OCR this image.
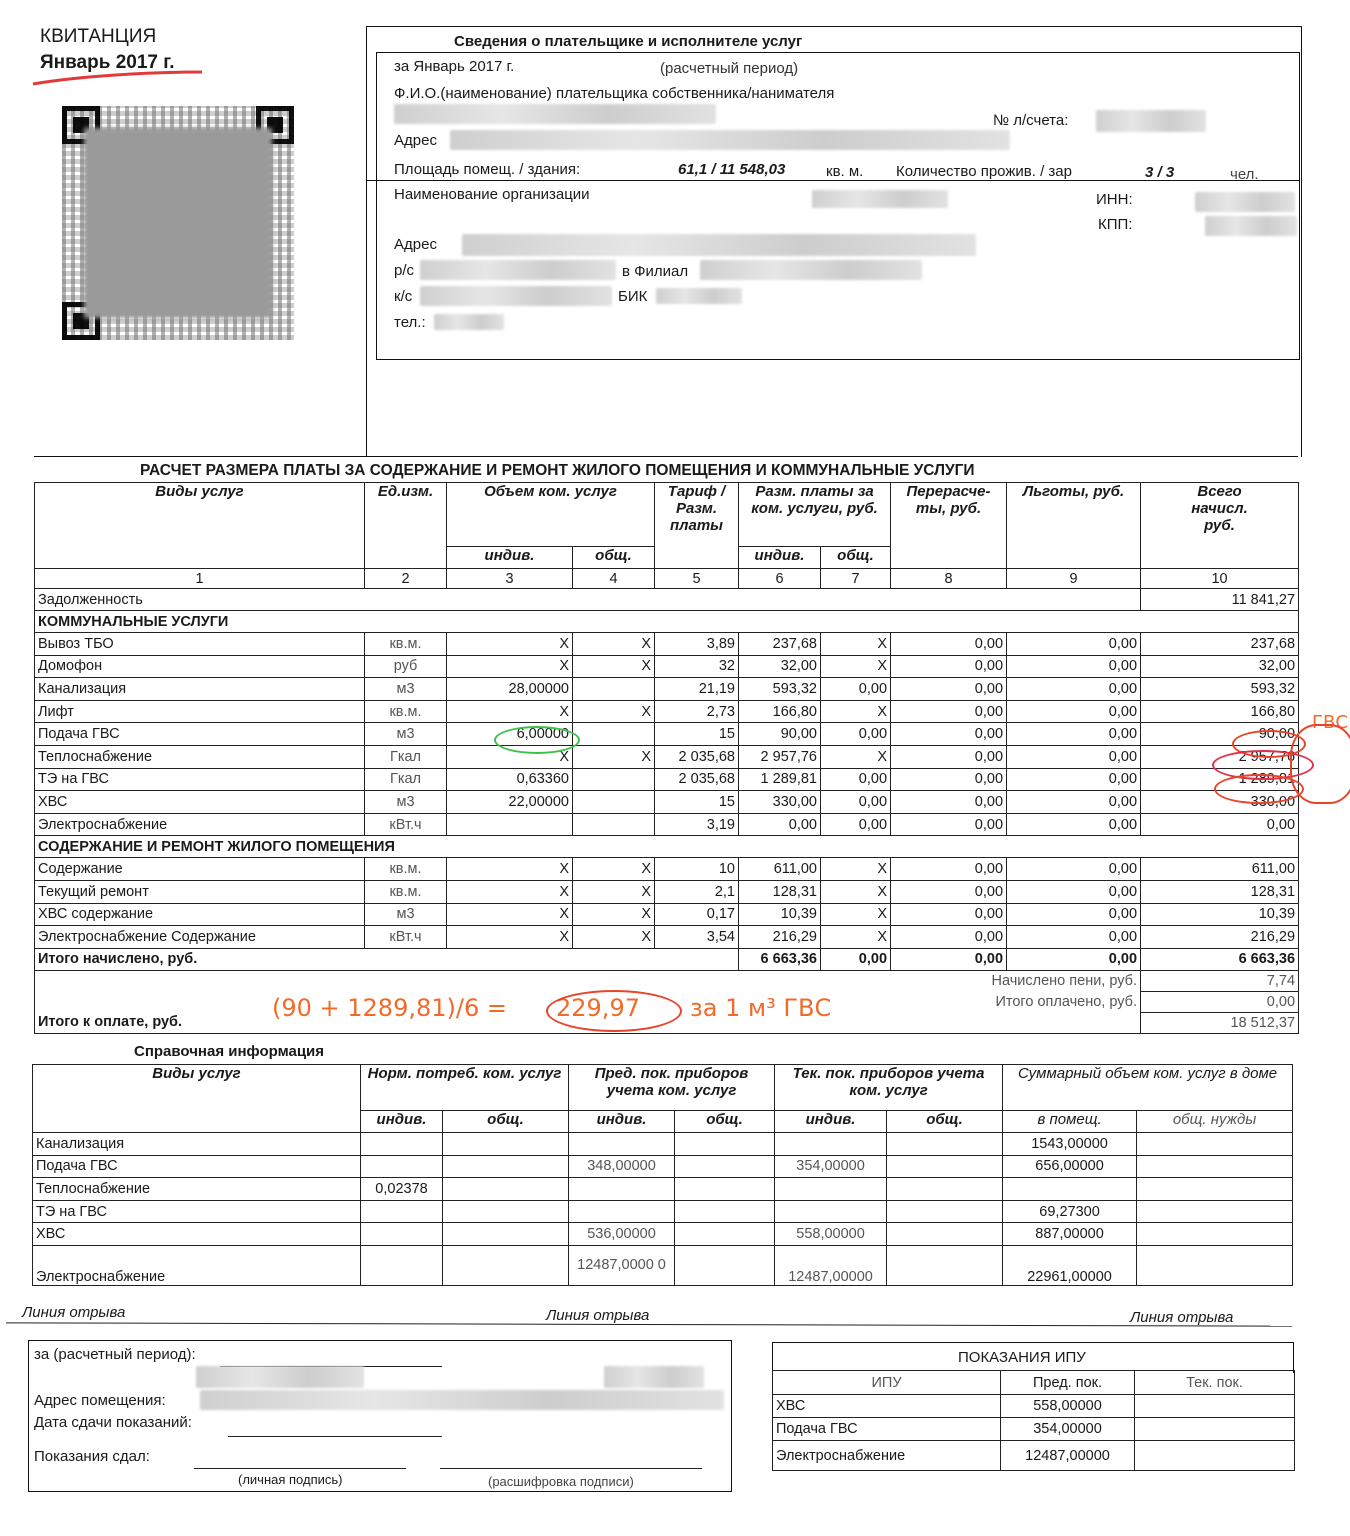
КВИТАНЦИЯ
Январь 2017 г.
Сведения о плательщике и исполнителе услуг
за Январь 2017 г.	(расчетный период)
Ф.И.О.(наименование) плательщика собственника/нанимателя
№ л/счета:
Адрес
Площадь помещ. / здания:	61,1 / 11 548,03	кв. м. Количество прожив. / зар	3 / 3	чел.
Наименование организации	ИНН:
КПП:
Адрес
р/с	в Филиал
к/с	БИК
тел.:
РАСЧЕТ РАЗМЕРА ПЛАТЫ ЗА СОДЕРЖАНИЕ И РЕМОНТ ЖИЛОГО ПОМЕЩЕНИЯ И КОММУНАЛЬНЫЕ УСЛУГИ
Виды услуг	Ед.изм.	Объем ком. услуг		Тариф / Разм. платы	Разм. платы за ком. услуги, руб.		Перерасче-ты, руб.	Льготы, руб.	Всего начисл. руб.
		индив.	общ.		индив.	общ.			
1	2	3	4	5	6	7	8	9	10
Задолженность									11 841,27
КОММУНАЛЬНЫЕ УСЛУГИ									
Вывоз ТБО	кв.м.	X	X	3,89	237,68	X	0,00	0,00	237,68
Домофон	руб	X	X	32	32,00	X	0,00	0,00	32,00
Канализация	м3	28,00000		21,19	593,32	0,00	0,00	0,00	593,32
Лифт	кв.м.	X	X	2,73	166,80	X	0,00	0,00	166,80
Подача ГВС	м3	6,00000		15	90,00	0,00	0,00	0,00	90,00
Теплоснабжение	Гкал	X	X	2 035,68	2 957,76	X	0,00	0,00	2 957,76
ТЭ на ГВС	Гкал	0,63360		2 035,68	1 289,81	0,00	0,00	0,00	1 289,81
ХВС	м3	22,00000		15	330,00	0,00	0,00	0,00	330,00
Электроснабжение	кВт.ч			3,19	0,00	0,00	0,00	0,00	0,00
СОДЕРЖАНИЕ И РЕМОНТ ЖИЛОГО ПОМЕЩЕНИЯ									
Содержание	кв.м.	X	X	10	611,00	X	0,00	0,00	611,00
Текущий ремонт	кв.м.	X	X	2,1	128,31	X	0,00	0,00	128,31
ХВС содержание	м3	X	X	0,17	10,39	X	0,00	0,00	10,39
Электроснабжение Содержание	кВт.ч	X	X	3,54	216,29	X	0,00	0,00	216,29
Итого начислено, руб.					6 663,36	0,00	0,00	0,00	6 663,36
Начислено пени, руб.									7,74
Итого оплачено, руб.									0,00
Итого к оплате, руб.									18 512,37
(90 + 1289,81)/6 = 229,97 за 1 м³ ГВС
ГВС
Справочная информация
Виды услуг	Норм. потреб. ком. услуг		Пред. пок. приборов учета ком. услуг		Тек. пок. приборов учета ком. услуг		Суммарный объем ком. услуг в доме	
	индив.	общ.	индив.	общ.	индив.	общ.	в помещ.	общ. нужды
Канализация							1543,00000	
Подача ГВС			348,00000		354,00000		656,00000	
Теплоснабжение	0,02378							
ТЭ на ГВС							69,27300	
ХВС			536,00000		558,00000		887,00000	
Электроснабжение			12487,0000 0		12487,00000		22961,00000	
Линия отрыва	Линия отрыва	Линия отрыва
за (расчетный период):
Адрес помещения:
Дата сдачи показаний:
Показания сдал:
(личная подпись)	(расшифровка подписи)
ПОКАЗАНИЯ ИПУ
ИПУ	Пред. пок.	Тек. пок.
ХВС	558,00000	
Подача ГВС	354,00000	
Электроснабжение	12487,00000	
